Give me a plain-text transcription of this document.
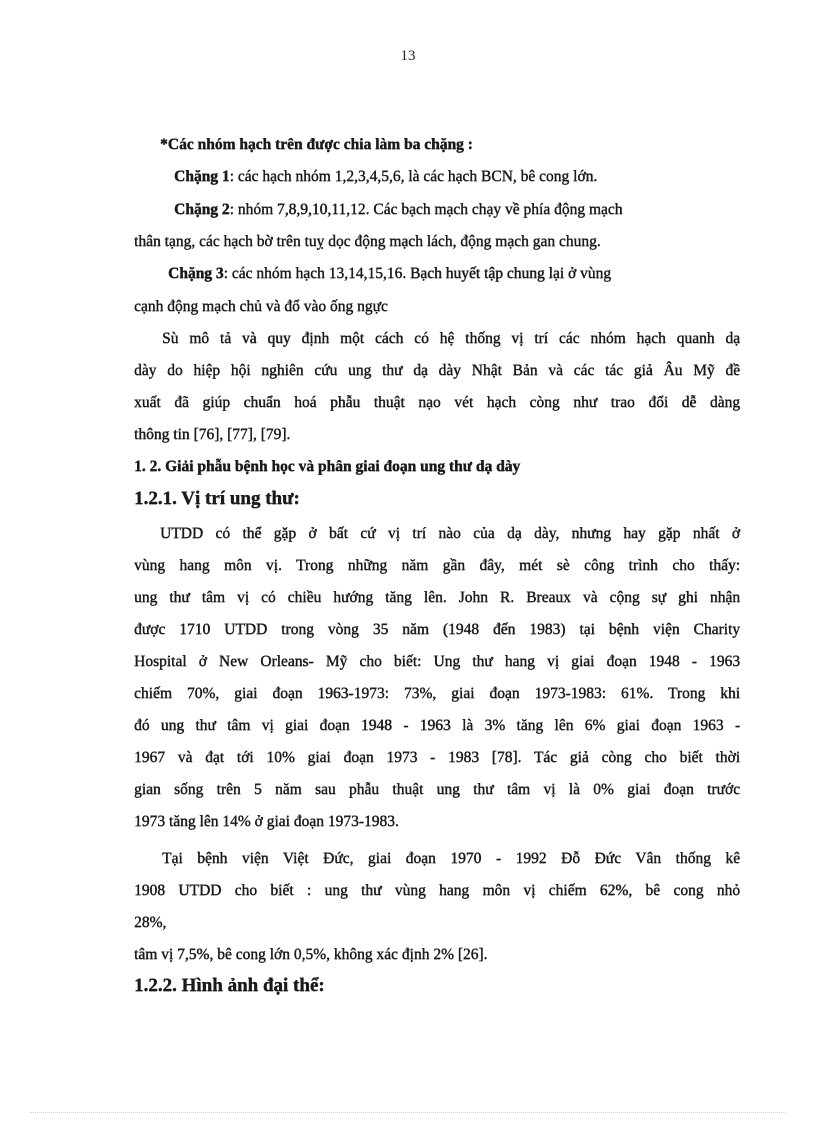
13
*Các nhóm hạch trên được chia làm ba chặng :
Chặng 1: các hạch nhóm 1,2,3,4,5,6, là các hạch BCN, bê cong lớn.
Chặng 2: nhóm 7,8,9,10,11,12. Các bạch mạch chạy về phía động mạch
thân tạng, các hạch bờ trên tuỵ dọc động mạch lách, động mạch gan chung.
Chặng 3: các nhóm hạch 13,14,15,16. Bạch huyết tập chung lại ở vùng
cạnh động mạch chủ và đổ vào ống ngực
Sù mô tả và quy định một cách có hệ thống vị trí các nhóm hạch quanh dạ
dày do hiệp hội nghiên cứu ung thư dạ dày Nhật Bản và các tác giả Âu Mỹ đề
xuất đã giúp chuẩn hoá phẫu thuật nạo vét hạch còng như trao đổi dễ dàng
thông tin [76], [77], [79].
1. 2. Giải phẫu bệnh học và phân giai đoạn ung thư dạ dày
1.2.1. Vị trí ung thư:
UTDD có thể gặp ở bất cứ vị trí nào của dạ dày, nhưng hay gặp nhất ở
vùng hang môn vị. Trong những năm gần đây, mét sè công trình cho thấy:
ung thư tâm vị có chiều hướng tăng lên. John R. Breaux và cộng sự ghi nhận
được 1710 UTDD trong vòng 35 năm (1948 đến 1983) tại bệnh viện Charity
Hospital ở New Orleans- Mỹ cho biết: Ung thư hang vị giai đoạn 1948 - 1963
chiếm 70%, giai đoạn 1963-1973: 73%, giai đoạn 1973-1983: 61%. Trong khi
đó ung thư tâm vị giai đoạn 1948 - 1963 là 3% tăng lên 6% giai đoạn 1963 -
1967 và đạt tới 10% giai đoạn 1973 - 1983 [78]. Tác giả còng cho biết thời
gian sống trên 5 năm sau phẫu thuật ung thư tâm vị là 0% giai đoạn trước
1973 tăng lên 14% ở giai đoạn 1973-1983.
Tại bệnh viện Việt Đức, giai đoạn 1970 - 1992 Đỗ Đức Vân thống kê
1908 UTDD cho biết : ung thư vùng hang môn vị chiếm 62%, bê cong nhỏ
28%,
tâm vị 7,5%, bê cong lớn 0,5%, không xác định 2% [26].
1.2.2. Hình ảnh đại thể:
